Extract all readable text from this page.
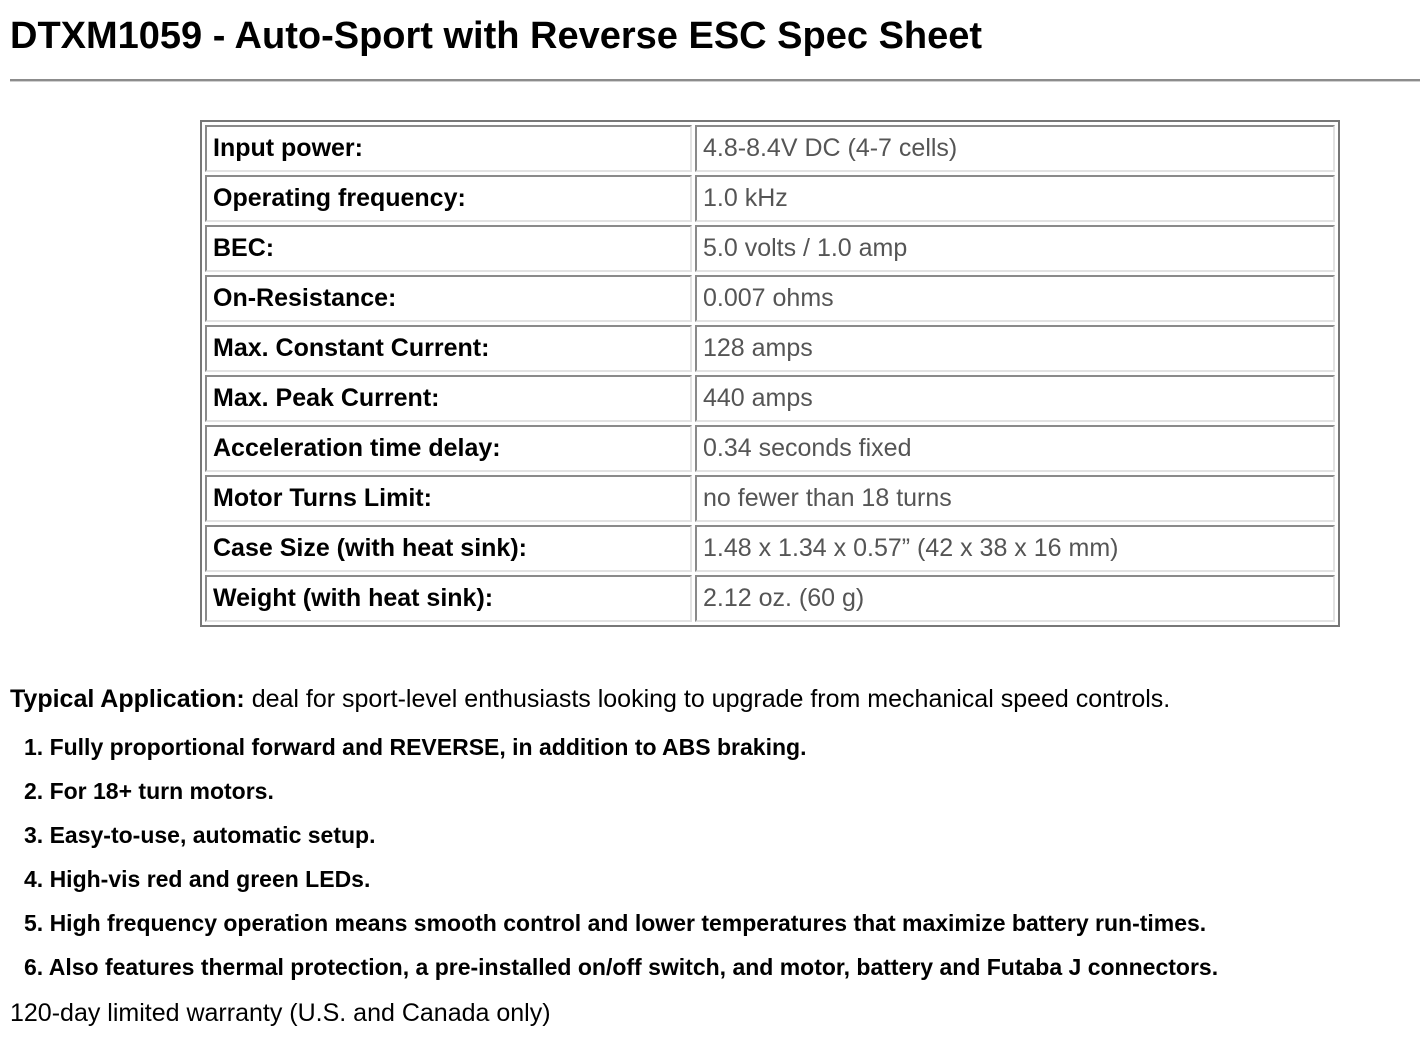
DTXM1059 - Auto-Sport with Reverse ESC Spec Sheet
Input power:	4.8-8.4V DC (4-7 cells)
Operating frequency:	1.0 kHz
BEC:	5.0 volts / 1.0 amp
On-Resistance:	0.007 ohms
Max. Constant Current:	128 amps
Max. Peak Current:	440 amps
Acceleration time delay:	0.34 seconds fixed
Motor Turns Limit:	no fewer than 18 turns
Case Size (with heat sink):	1.48 x 1.34 x 0.57” (42 x 38 x 16 mm)
Weight (with heat sink):	2.12 oz. (60 g)

Typical Application: deal for sport-level enthusiasts looking to upgrade from mechanical speed controls.

1. Fully proportional forward and REVERSE, in addition to ABS braking.
2. For 18+ turn motors.
3. Easy-to-use, automatic setup.
4. High-vis red and green LEDs.
5. High frequency operation means smooth control and lower temperatures that maximize battery run-times.
6. Also features thermal protection, a pre-installed on/off switch, and motor, battery and Futaba J connectors.

120-day limited warranty (U.S. and Canada only)
